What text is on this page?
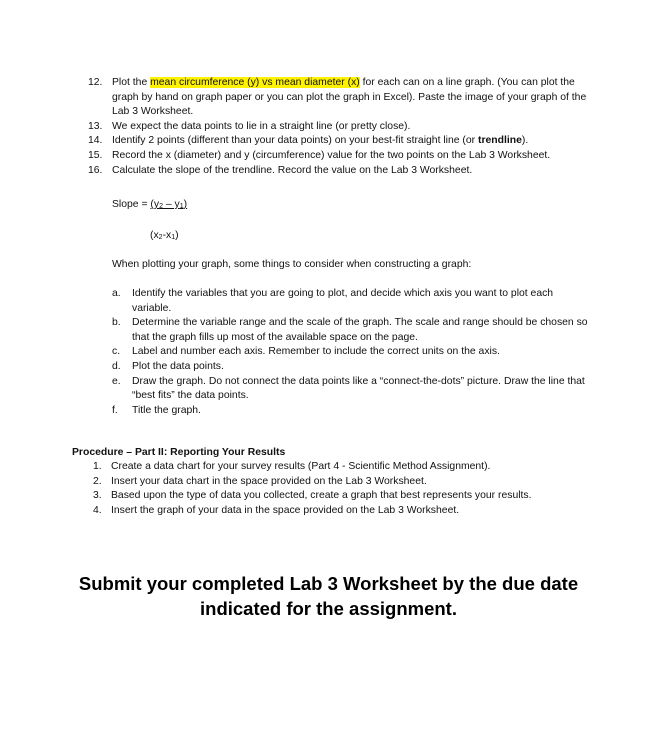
12. Plot the mean circumference (y) vs mean diameter (x) for each can on a line graph. (You can plot the graph by hand on graph paper or you can plot the graph in Excel). Paste the image of your graph of the Lab 3 Worksheet.
13. We expect the data points to lie in a straight line (or pretty close).
14. Identify 2 points (different than your data points) on your best-fit straight line (or trendline).
15. Record the x (diameter) and y (circumference) value for the two points on the Lab 3 Worksheet.
16. Calculate the slope of the trendline. Record the value on the Lab 3 Worksheet.
Slope = $(y_2 - y_1)$
$(x_2-x_1)$
When plotting your graph, some things to consider when constructing a graph:
a. Identify the variables that you are going to plot, and decide which axis you want to plot each variable.
b. Determine the variable range and the scale of the graph. The scale and range should be chosen so that the graph fills up most of the available space on the page.
c. Label and number each axis. Remember to include the correct units on the axis.
d. Plot the data points.
e. Draw the graph. Do not connect the data points like a “connect-the-dots” picture. Draw the line that “best fits” the data points.
f. Title the graph.
Procedure – Part II: Reporting Your Results
1. Create a data chart for your survey results (Part 4 - Scientific Method Assignment).
2. Insert your data chart in the space provided on the Lab 3 Worksheet.
3. Based upon the type of data you collected, create a graph that best represents your results.
4. Insert the graph of your data in the space provided on the Lab 3 Worksheet.
Submit your completed Lab 3 Worksheet by the due date
indicated for the assignment.
